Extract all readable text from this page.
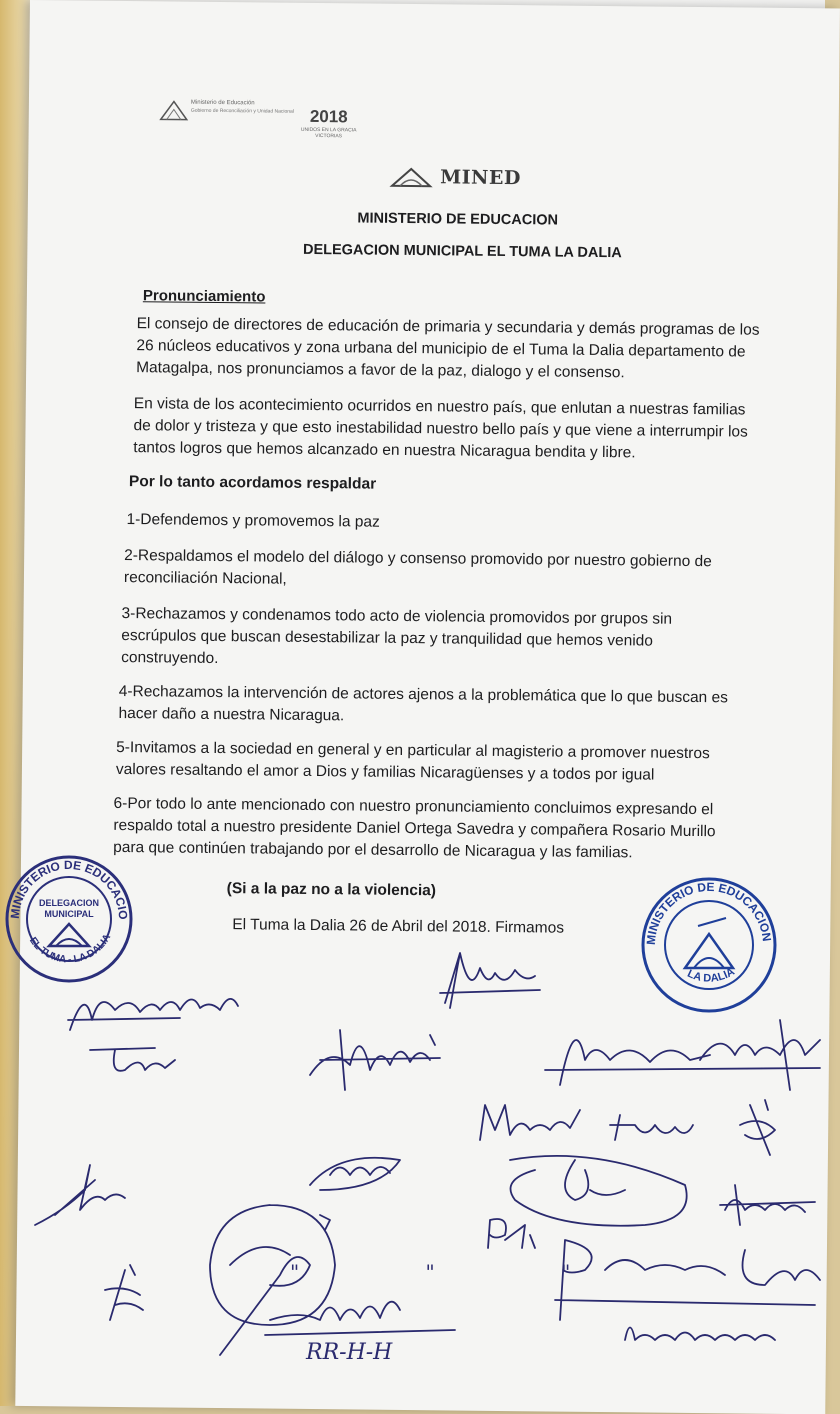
Ministerio de Educación
Gobierno de Reconciliación y Unidad Nacional 2018
UNIDOS EN LA GRACIA VICTORIAS
MINED
MINISTERIO DE EDUCACION
DELEGACION MUNICIPAL EL TUMA LA DALIA
Pronunciamiento
El consejo de directores de educación de primaria y secundaria y demás programas de los
26 núcleos educativos y zona urbana del municipio de el Tuma la Dalia departamento de
Matagalpa, nos pronunciamos a favor de la paz, dialogo y el consenso.
En vista de los acontecimiento ocurridos en nuestro país, que enlutan a nuestras familias
de dolor y tristeza y que esto inestabilidad nuestro bello país y que viene a interrumpir los
tantos logros que hemos alcanzado en nuestra Nicaragua bendita y libre.
Por lo tanto acordamos respaldar
1-Defendemos y promovemos la paz
2-Respaldamos el modelo del diálogo y consenso promovido por nuestro gobierno de
reconciliación Nacional,
3-Rechazamos y condenamos todo acto de violencia promovidos por grupos sin
escrúpulos que buscan desestabilizar la paz y tranquilidad que hemos venido
construyendo.
4-Rechazamos la intervención de actores ajenos a la problemática que lo que buscan es
hacer daño a nuestra Nicaragua.
5-Invitamos a la sociedad en general y en particular al magisterio a promover nuestros
valores resaltando el amor a Dios y familias Nicaragüenses y a todos por igual
6-Por todo lo ante mencionado con nuestro pronunciamiento concluimos expresando el
respaldo total a nuestro presidente Daniel Ortega Savedra y compañera Rosario Murillo
para que continúen trabajando por el desarrollo de Nicaragua y las familias.
(Si a la paz no a la violencia)
El Tuma la Dalia 26 de Abril del 2018. Firmamos
MINISTERIO DE EDUCACIO
EL TUMA - LA DALIA
DELEGACION
MUNICIPAL
MINISTERIO DE EDUCACION
LA DALIA
RR-H-H
" " "
